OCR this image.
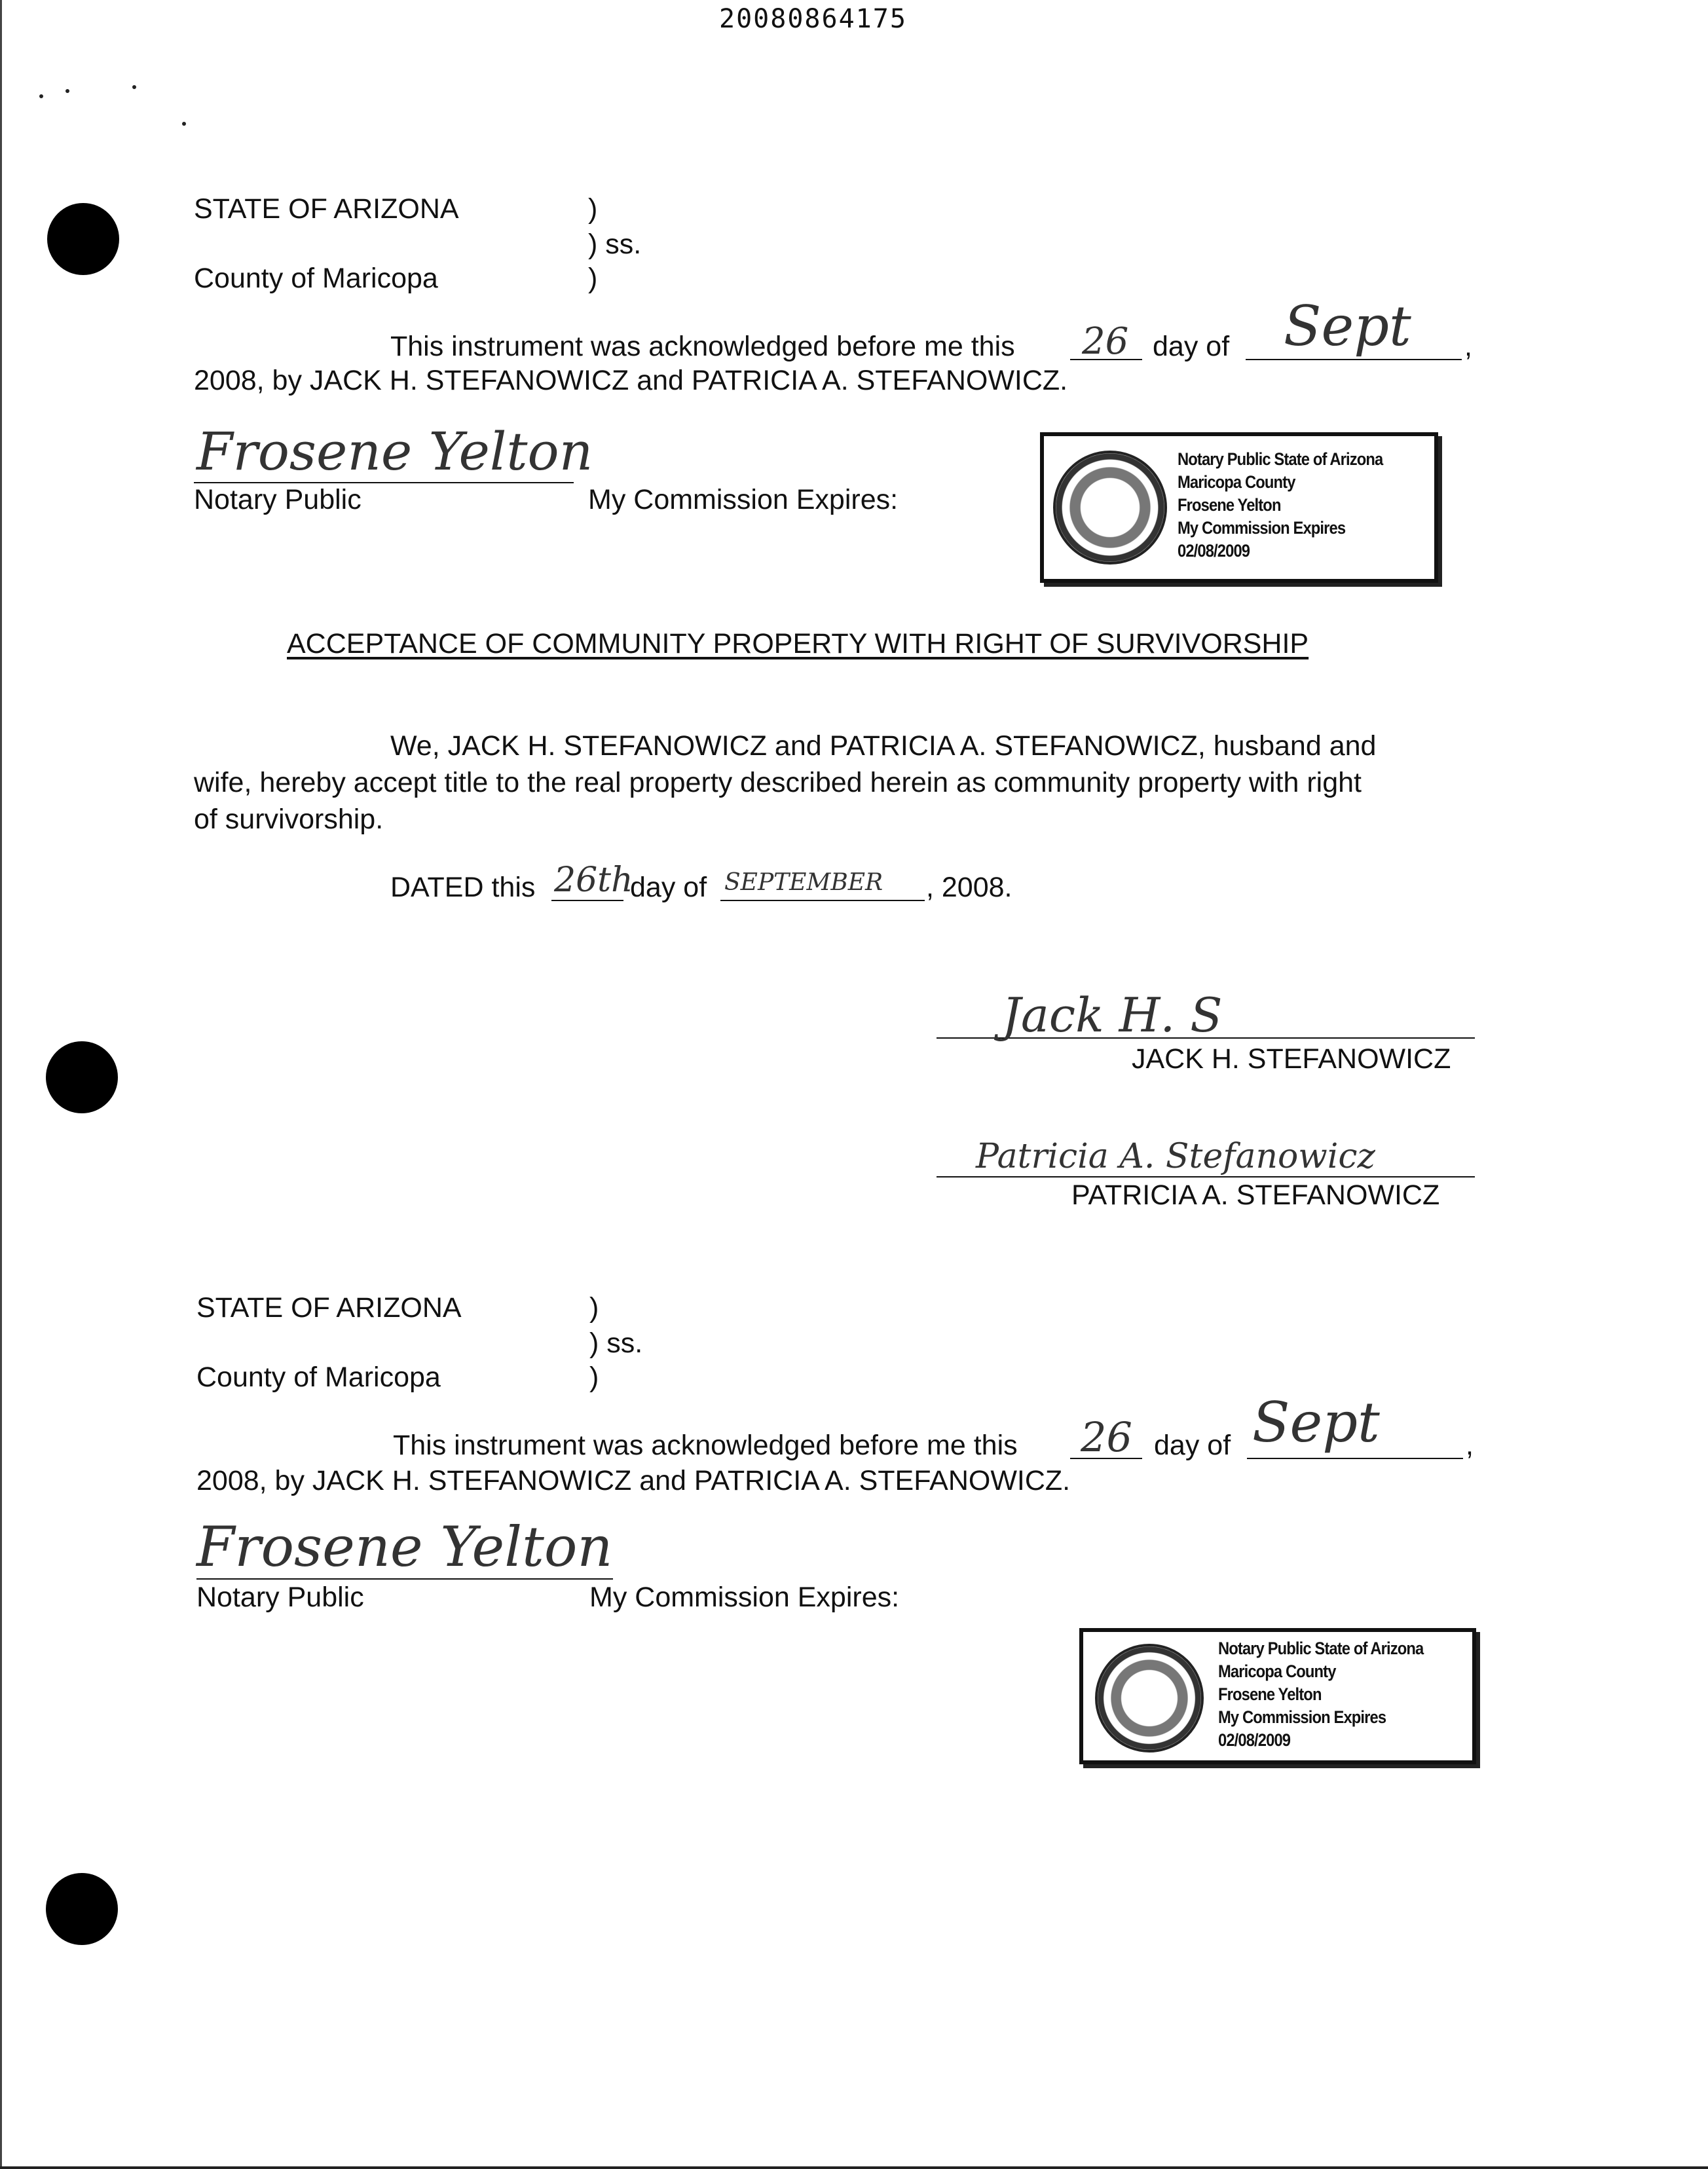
20080864175
STATE OF ARIZONA	)
) ss.
County of Maricopa	)
This instrument was acknowledged before me this 26 day of Sept ,
2008, by JACK H. STEFANOWICZ and PATRICIA A. STEFANOWICZ.
Frosene Yelton
Notary Public	My Commission Expires:
Notary Public State of Arizona
Maricopa County
Frosene Yelton
My Commission Expires
02/08/2009
ACCEPTANCE OF COMMUNITY PROPERTY WITH RIGHT OF SURVIVORSHIP
We, JACK H. STEFANOWICZ and PATRICIA A. STEFANOWICZ, husband and
wife, hereby accept title to the real property described herein as community property with right
of survivorship.
DATED this 26th
day of SEPTEMBER , 2008.
Jack H. S
JACK H. STEFANOWICZ
Patricia A. Stefanowicz
PATRICIA A. STEFANOWICZ
STATE OF ARIZONA	)
) ss.
County of Maricopa	)
This instrument was acknowledged before me this 26 day of Sept	,
2008, by JACK H. STEFANOWICZ and PATRICIA A. STEFANOWICZ.
Frosene Yelton
Notary Public	My Commission Expires:
Notary Public State of Arizona
Maricopa County
Frosene Yelton
My Commission Expires
02/08/2009
